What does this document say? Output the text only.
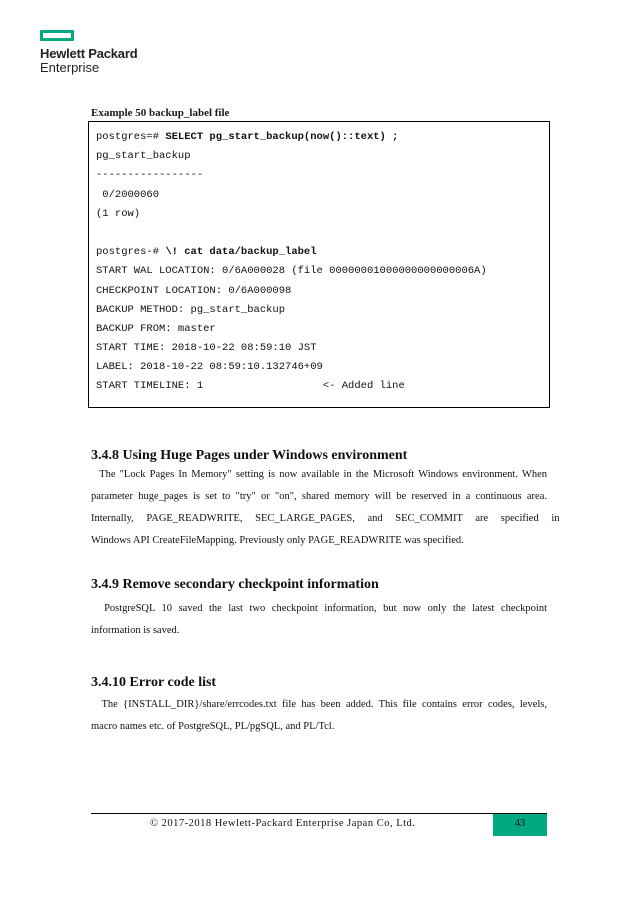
Hewlett Packard
Enterprise
Example 50 backup_label file
postgres=# SELECT pg_start_backup(now()::text) ;
pg_start_backup
-----------------
0/2000060
(1 row)
postgres-# \! cat data/backup_label
START WAL LOCATION: 0/6A000028 (file 00000001000000000000006A)
CHECKPOINT LOCATION: 0/6A000098
BACKUP METHOD: pg_start_backup
BACKUP FROM: master
START TIME: 2018-10-22 08:59:10 JST
LABEL: 2018-10-22 08:59:10.132746+09
START TIMELINE: 1                   <- Added line
3.4.8 Using Huge Pages under Windows environment
The "Lock Pages In Memory" setting is now available in the Microsoft Windows environment. When
parameter huge_pages is set to "try" or "on", shared memory will be reserved in a continuous area.
Internally, PAGE_READWRITE, SEC_LARGE_PAGES, and SEC_COMMIT are specified in
Windows API CreateFileMapping. Previously only PAGE_READWRITE was specified.
3.4.9 Remove secondary checkpoint information
PostgreSQL 10 saved the last two checkpoint information, but now only the latest checkpoint
information is saved.
3.4.10 Error code list
The {INSTALL_DIR}/share/errcodes.txt file has been added. This file contains error codes, levels,
macro names etc. of PostgreSQL, PL/pgSQL, and PL/Tcl.
© 2017-2018 Hewlett-Packard Enterprise Japan Co, Ltd.	43
